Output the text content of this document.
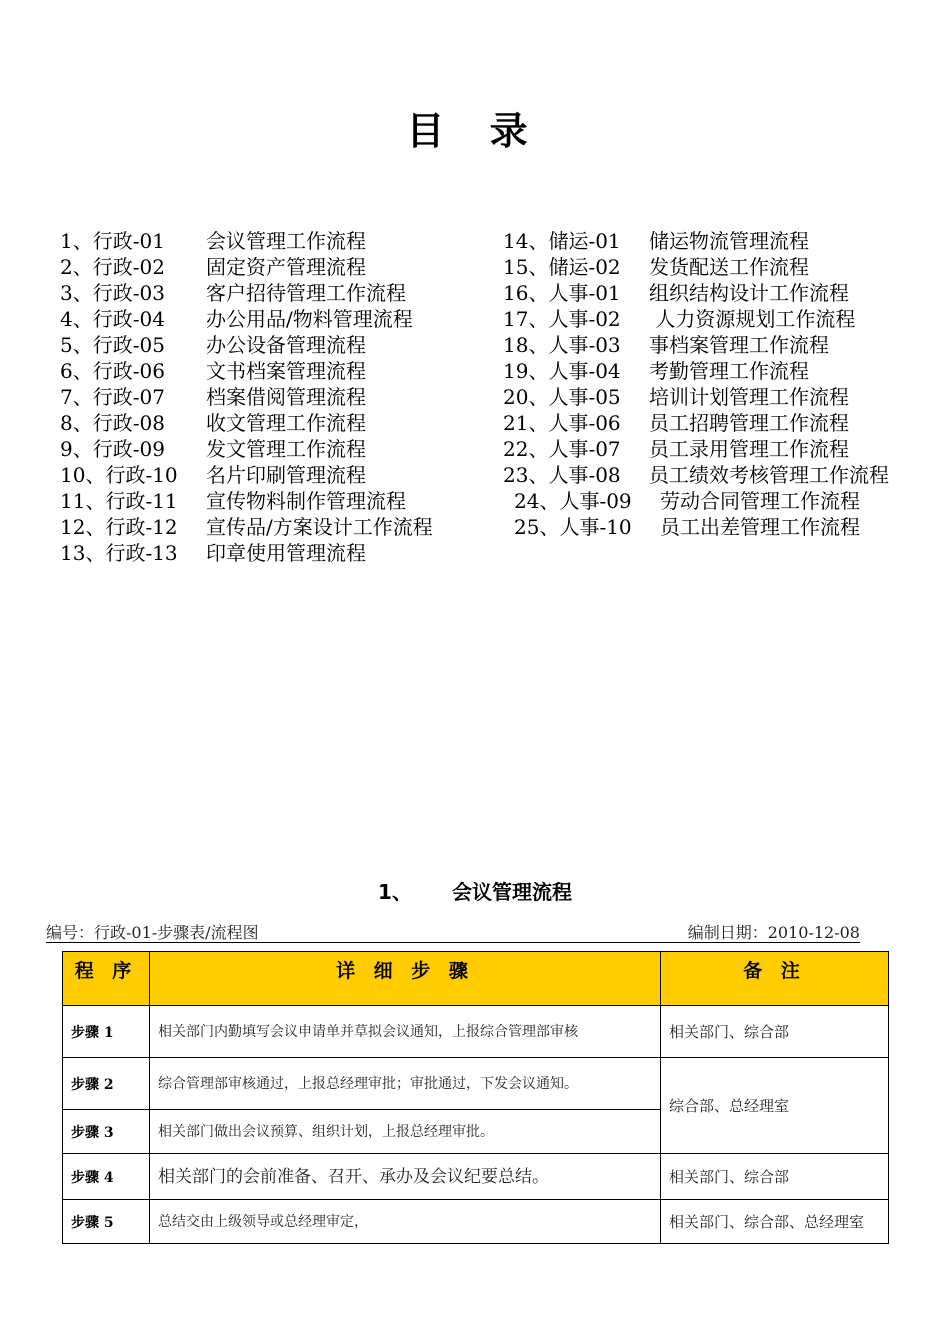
目 录
1、行政-01	会议管理工作流程
2、行政-02	固定资产管理流程
3、行政-03	客户招待管理工作流程
4、行政-04	办公用品/物料管理流程
5、行政-05	办公设备管理流程
6、行政-06	文书档案管理流程
7、行政-07	档案借阅管理流程
8、行政-08	收文管理工作流程
9、行政-09	发文管理工作流程
10、行政-10	名片印刷管理流程
11、行政-11	宣传物料制作管理流程
12、行政-12	宣传品/方案设计工作流程
13、行政-13	印章使用管理流程
14、储运-01	储运物流管理流程
15、储运-02	发货配送工作流程
16、人事-01	组织结构设计工作流程
17、人事-02	人力资源规划工作流程
18、人事-03	事档案管理工作流程
19、人事-04	考勤管理工作流程
20、人事-05	培训计划管理工作流程
21、人事-06	员工招聘管理工作流程
22、人事-07	员工录用管理工作流程
23、人事-08	员工绩效考核管理工作流程
24、人事-09	劳动合同管理工作流程
25、人事-10	员工出差管理工作流程
1、 会议管理流程
编号：行政-01-步骤表/流程图	编制日期：2010-12-08
程 序	详 细 步 骤	备 注
步骤 1	相关部门内勤填写会议申请单并草拟会议通知，上报综合管理部审核	相关部门、综合部
步骤 2	综合管理部审核通过，上报总经理审批；审批通过，下发会议通知。	综合部、总经理室
步骤 3	相关部门做出会议预算、组织计划，上报总经理审批。	
步骤 4	相关部门的会前准备、召开、承办及会议纪要总结。	相关部门、综合部
步骤 5	总结交由上级领导或总经理审定，	相关部门、综合部、总经理室
